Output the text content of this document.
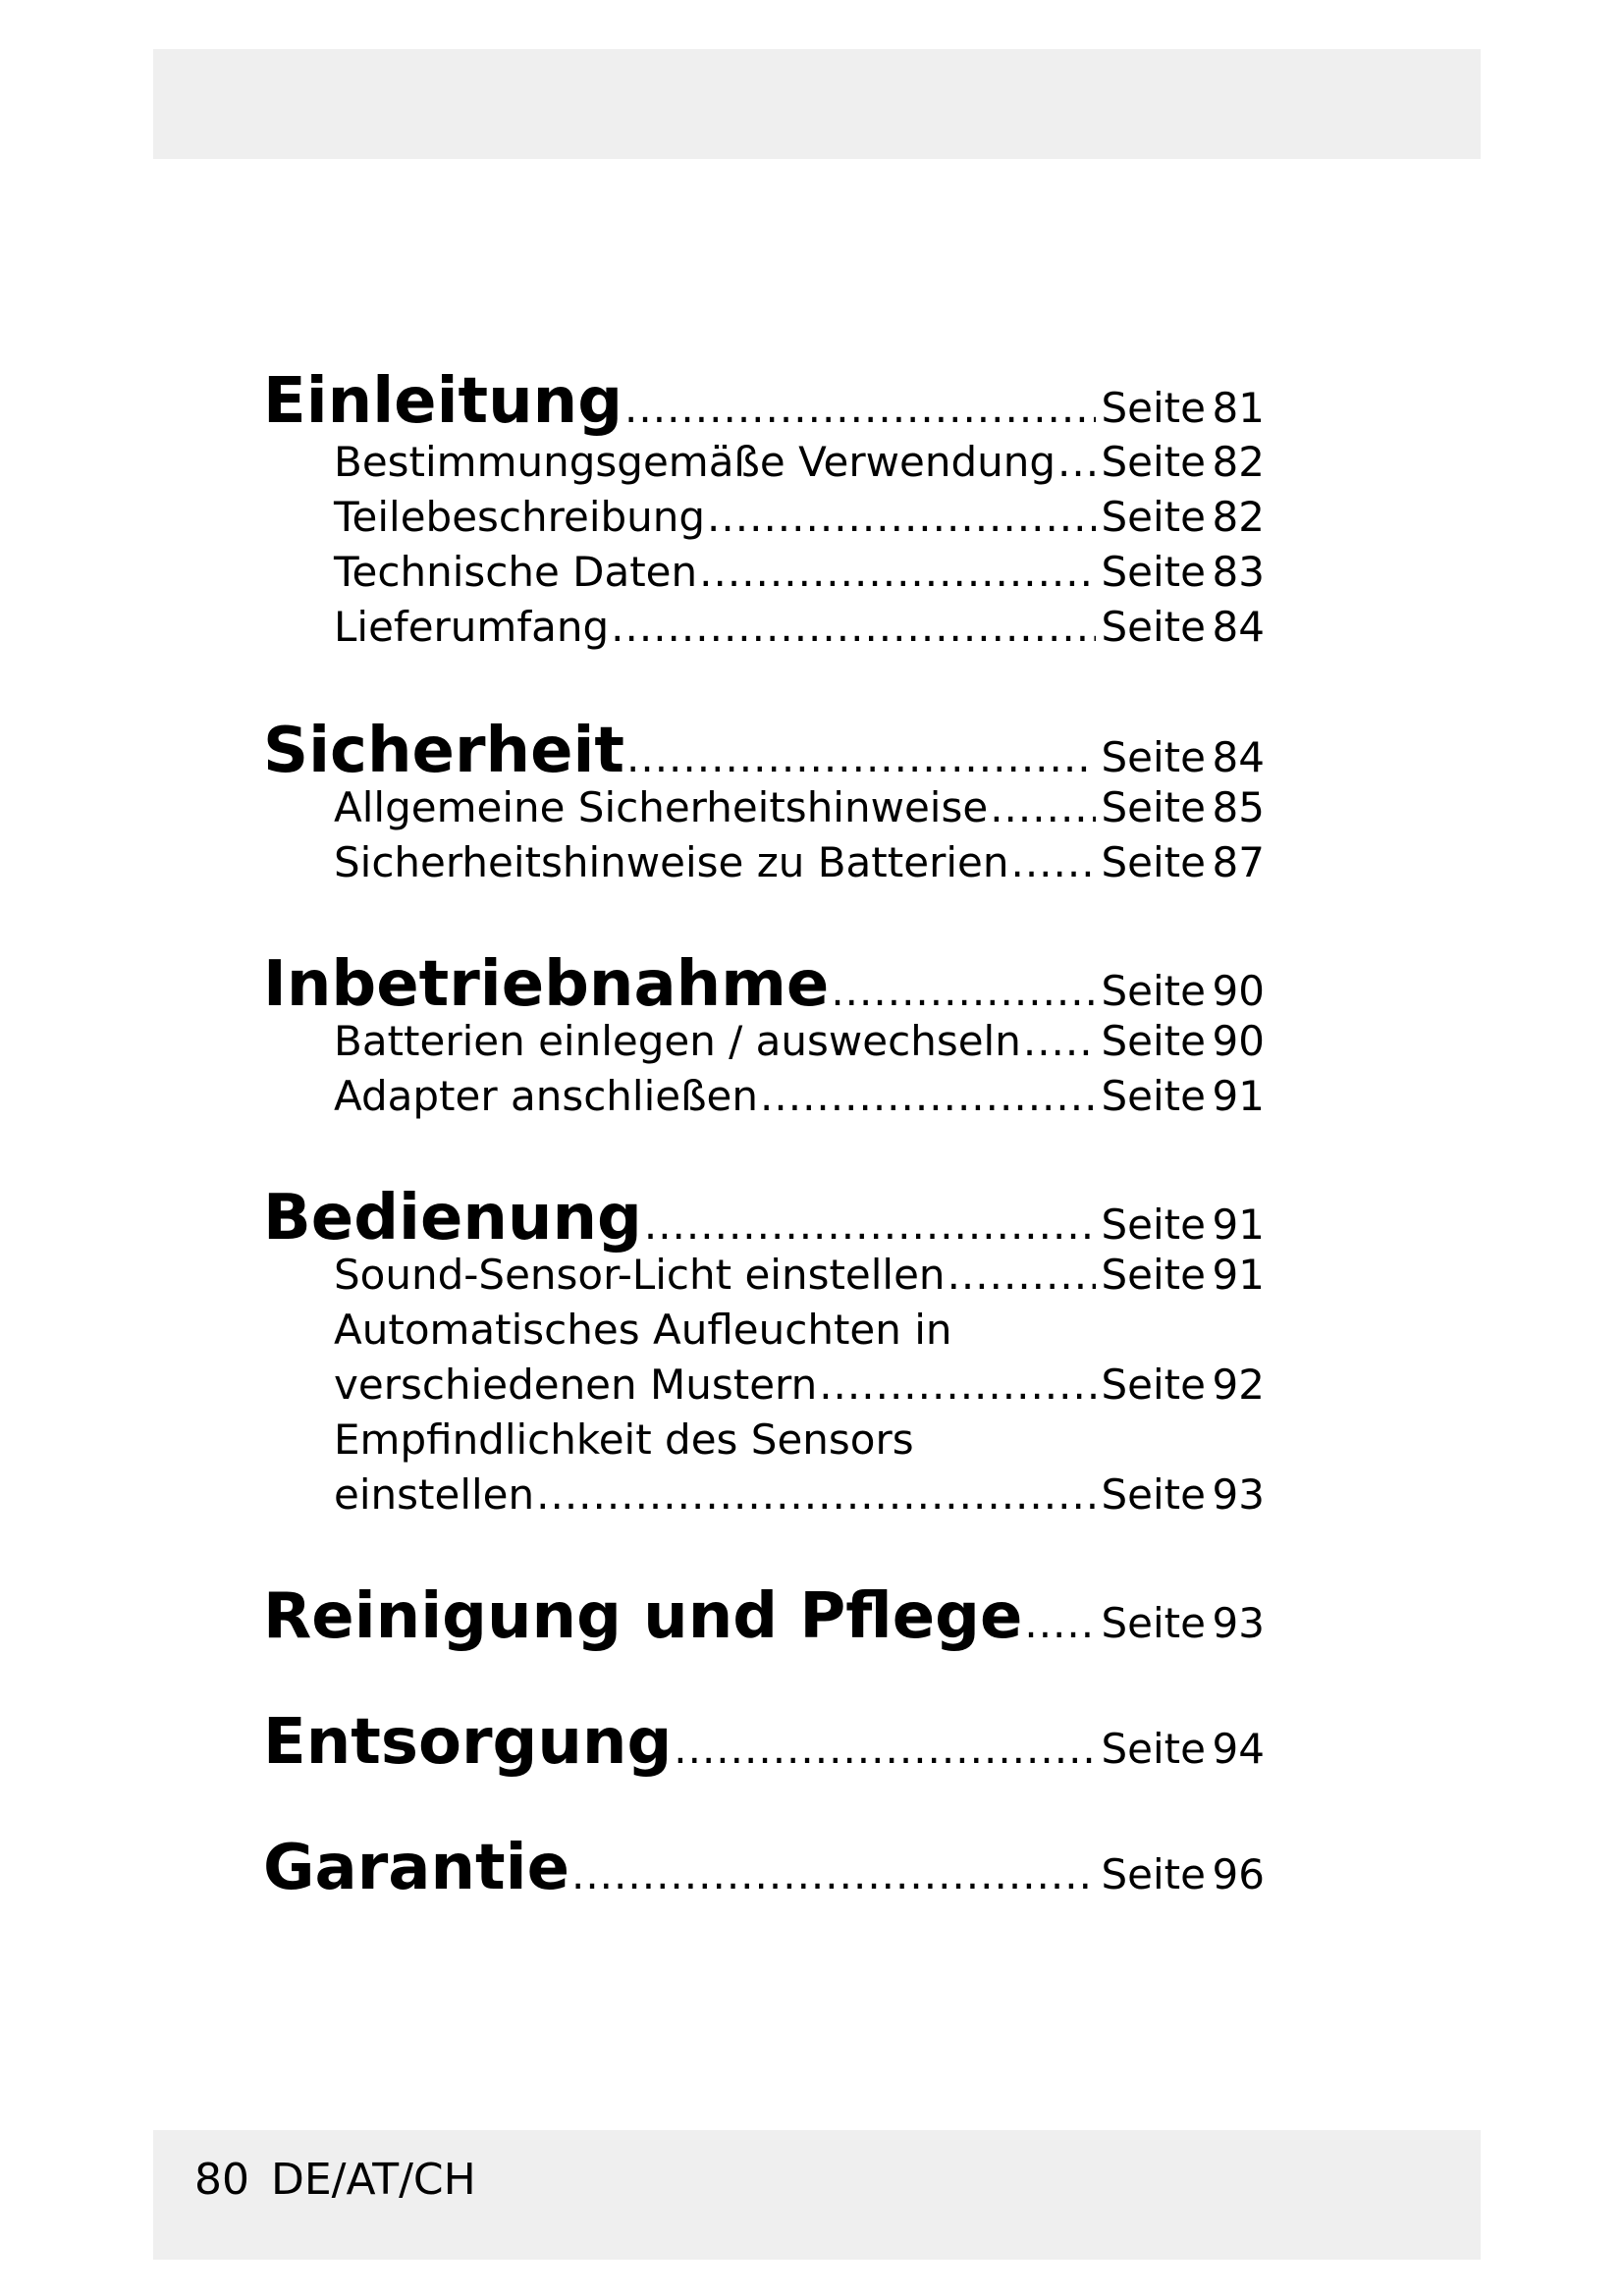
Einleitung .....	Seite 81
Bestimmungsgemäße Verwendung ..... Seite 82
Teilebeschreibung .....	Seite 82
Technische Daten .....	Seite 83
Lieferumfang .....	Seite 84
Sicherheit .....	Seite 84
Allgemeine Sicherheitshinweise .....	Seite 85
Sicherheitshinweise zu Batterien ..... Seite 87
Inbetriebnahme .....	Seite 90
Batterien einlegen / auswechseln ..... Seite 90
Adapter anschließen .....	Seite 91
Bedienung .....	Seite 91
Sound-Sensor-Licht einstellen .....	Seite 91
Automatisches Aufleuchten in
verschiedenen Mustern .....	Seite 92
Empfindlichkeit des Sensors
einstellen .....	Seite 93
Reinigung und Pflege ..... Seite 93
Entsorgung .....	Seite 94
Garantie .....	Seite 96
80 DE/AT/CH
